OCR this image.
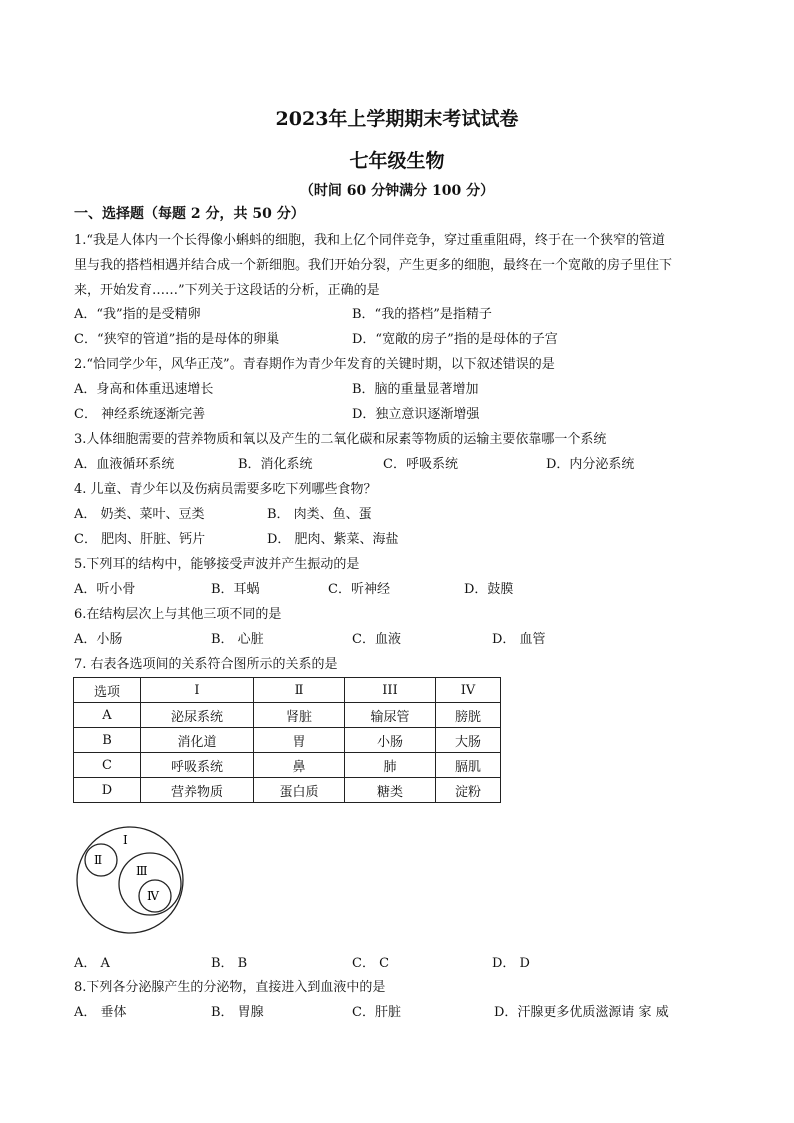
2023年上学期期末考试试卷
七年级生物
（时间 60 分钟满分 100 分）
一、选择题（每题 2 分，共 50 分）
1.“我是人体内一个长得像小蝌蚪的细胞，我和上亿个同伴竞争，穿过重重阻碍，终于在一个狭窄的管道
里与我的搭档相遇并结合成一个新细胞。我们开始分裂，产生更多的细胞，最终在一个宽敞的房子里住下
来，开始发育……”下列关于这段话的分析，正确的是
A．“我”指的是受精卵	B．“我的搭档”是指精子
C．“狭窄的管道”指的是母体的卵巢	D．“宽敞的房子”指的是母体的子宫
2.“恰同学少年，风华正茂”。青春期作为青少年发育的关键时期，以下叙述错误的是
A．身高和体重迅速增长	B．脑的重量显著增加
C． 神经系统逐渐完善	D．独立意识逐渐增强
3.人体细胞需要的营养物质和氧以及产生的二氧化碳和尿素等物质的运输主要依靠哪一个系统
A．血液循环系统	B．消化系统	C．呼吸系统	D．内分泌系统
4. 儿童、青少年以及伤病员需要多吃下列哪些食物？
A． 奶类、菜叶、豆类	B． 肉类、鱼、蛋
C． 肥肉、肝脏、钙片	D． 肥肉、紫菜、海盐
5.下列耳的结构中，能够接受声波并产生振动的是
A．听小骨	B．耳蜗	C．听神经	D．鼓膜
6.在结构层次上与其他三项不同的是
A．小肠	B． 心脏	C．血液	D． 血管
7. 右表各选项间的关系符合图所示的关系的是
选项	I	Ⅱ	III	IV
A	泌尿系统	肾脏	输尿管	膀胱
B	消化道	胃	小肠	大肠
C	呼吸系统	鼻	肺	膈肌
D	营养物质	蛋白质	糖类	淀粉
I
Ⅱ
Ⅲ
Ⅳ
A． A	B． B	C． C	D． D
8.下列各分泌腺产生的分泌物，直接进入到血液中的是
A． 垂体	B． 胃腺	C．肝脏	D．汗腺更多优质滋源请 家 威
